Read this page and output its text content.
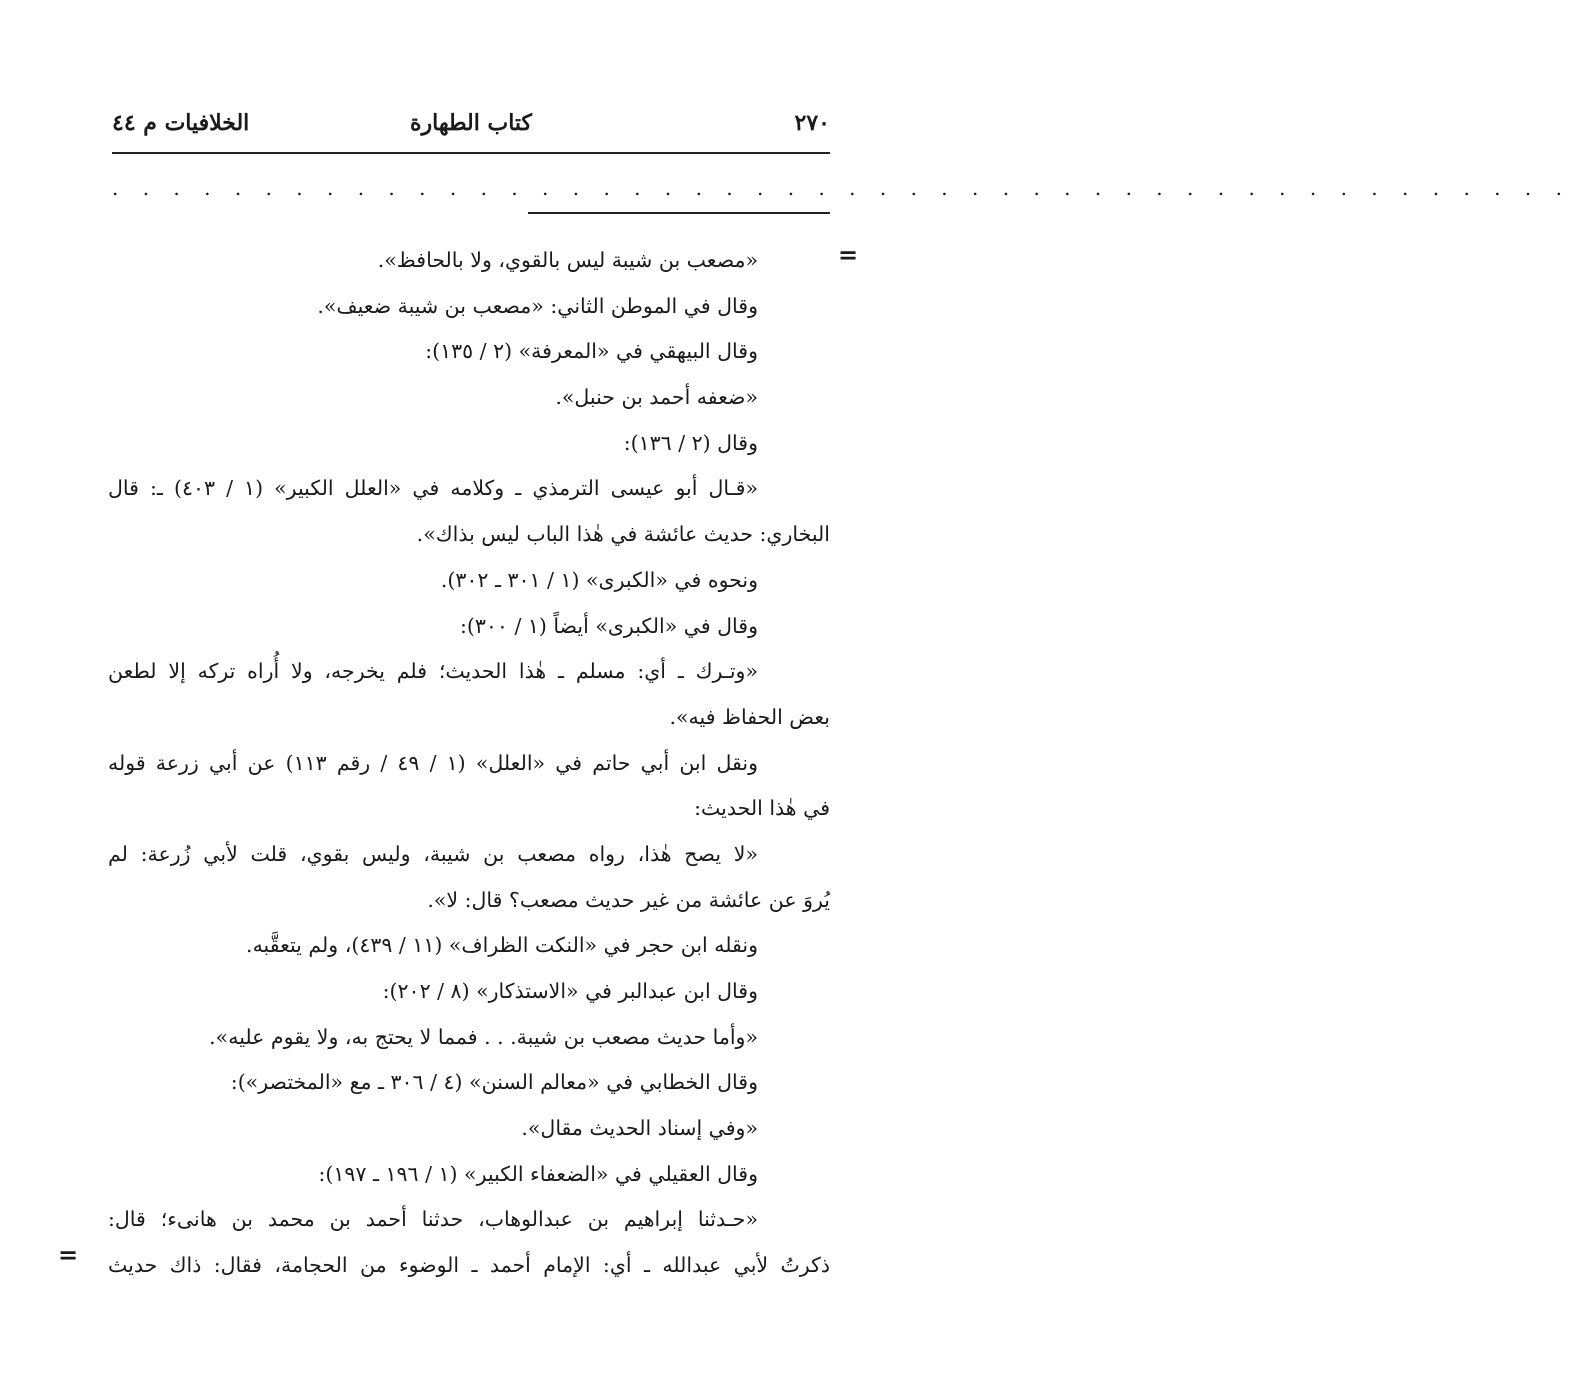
٢٧٠
كتاب الطهارة
الخلافيات م ٤٤
. . . . . . . . . . . . . . . . . . . . . . . . . . . . . . . . . . . . . . . . . . . . . . . .
=
=
«مصعب بن شيبة ليس بالقوي، ولا بالحافظ».
وقال في الموطن الثاني: «مصعب بن شيبة ضعيف».
وقال البيهقي في «المعرفة» (٢ / ١٣٥):
«ضعفه أحمد بن حنبل».
وقال (٢ / ١٣٦):
«قـال أبو عيسى الترمذي ـ وكلامه في «العلل الكبير» (١ / ٤٠٣) ـ: قال
البخاري: حديث عائشة في هٰذا الباب ليس بذاك».
ونحوه في «الكبرى» (١ / ٣٠١ ـ ٣٠٢).
وقال في «الكبرى» أيضاً (١ / ٣٠٠):
«وتـرك ـ أي: مسلم ـ هٰذا الحديث؛ فلم يخرجه، ولا أُراه تركه إلا لطعن
بعض الحفاظ فيه».
ونقل ابن أبي حاتم في «العلل» (١ / ٤٩ / رقم ١١٣) عن أبي زرعة قوله
في هٰذا الحديث:
«لا يصح هٰذا، رواه مصعب بن شيبة، وليس بقوي، قلت لأبي زُرعة: لم
يُروَ عن عائشة من غير حديث مصعب؟ قال: لا».
ونقله ابن حجر في «النكت الظراف» (١١ / ٤٣٩)، ولم يتعقَّبه.
وقال ابن عبدالبر في «الاستذكار» (٨ / ٢٠٢):
«وأما حديث مصعب بن شيبة. . . فمما لا يحتج به، ولا يقوم عليه».
وقال الخطابي في «معالم السنن» (٤ / ٣٠٦ ـ مع «المختصر»):
«وفي إسناد الحديث مقال».
وقال العقيلي في «الضعفاء الكبير» (١ / ١٩٦ ـ ١٩٧):
«حـدثنا إبراهيم بن عبدالوهاب، حدثنا أحمد بن محمد بن هانىء؛ قال:
ذكرتُ لأبي عبدالله ـ أي: الإمام أحمد ـ الوضوء من الحجامة، فقال: ذاك حديث
